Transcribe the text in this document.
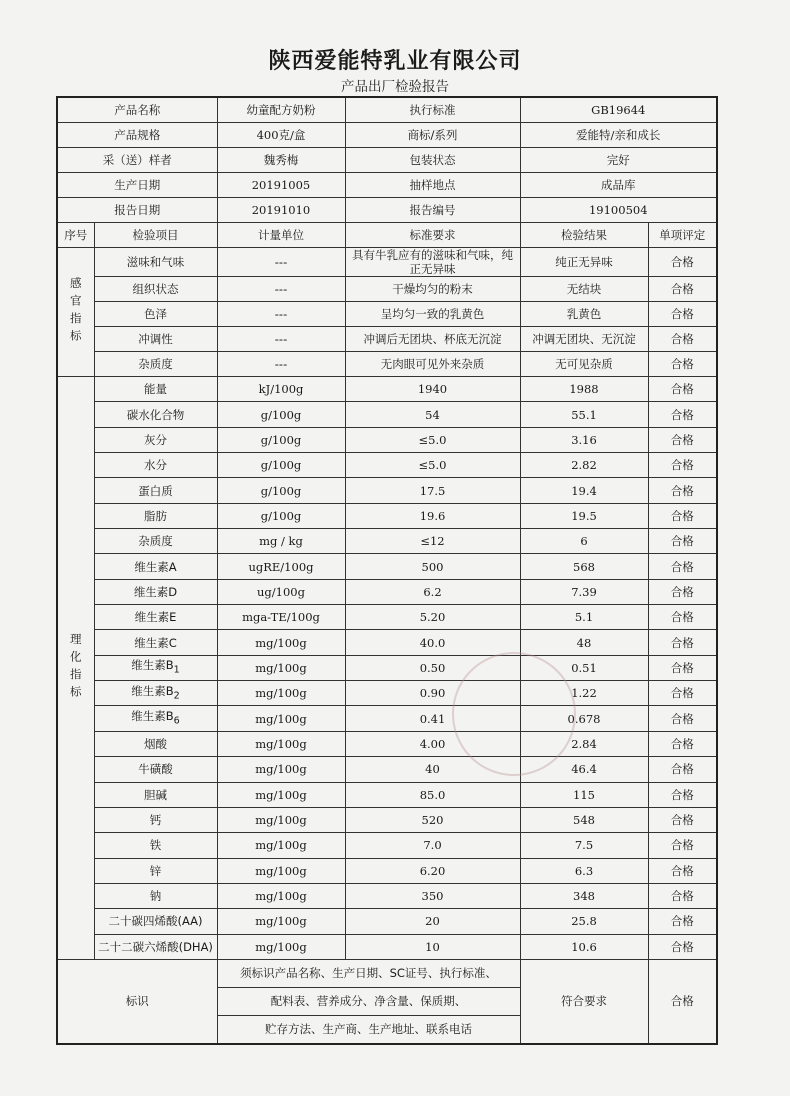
陕西爱能特乳业有限公司
产品出厂检验报告
产品名称		幼童配方奶粉	执行标准	GB19644	
产品规格		400克/盒	商标/系列	爱能特/亲和成长	
采（送）样者		魏秀梅	包装状态	完好	
生产日期		20191005	抽样地点	成品库	
报告日期		20191010	报告编号	19100504	
序号	检验项目	计量单位	标准要求	检验结果	单项评定
感官指标	滋味和气味	---	具有牛乳应有的滋味和气味，纯正无异味	纯正无异味	合格
	组织状态	---	干燥均匀的粉末	无结块	合格
	色泽	---	呈均匀一致的乳黄色	乳黄色	合格
	冲调性	---	冲调后无团块、杯底无沉淀	冲调无团块、无沉淀	合格
	杂质度	---	无肉眼可见外来杂质	无可见杂质	合格
理化指标	能量	kJ/100g	1940	1988	合格
	碳水化合物	g/100g	54	55.1	合格
	灰分	g/100g	≤5.0	3.16	合格
	水分	g/100g	≤5.0	2.82	合格
	蛋白质	g/100g	17.5	19.4	合格
	脂肪	g/100g	19.6	19.5	合格
	杂质度	mg / kg	≤12	6	合格
	维生素A	ugRE/100g	500	568	合格
	维生素D	ug/100g	6.2	7.39	合格
	维生素E	mga-TE/100g	5.20	5.1	合格
	维生素C	mg/100g	40.0	48	合格
	维生素$B_1$	mg/100g	0.50	0.51	合格
	维生素$B_2$	mg/100g	0.90	1.22	合格
	维生素$B_6$	mg/100g	0.41	0.678	合格
	烟酸	mg/100g	4.00	2.84	合格
	牛磺酸	mg/100g	40	46.4	合格
	胆碱	mg/100g	85.0	115	合格
	钙	mg/100g	520	548	合格
	铁	mg/100g	7.0	7.5	合格
	锌	mg/100g	6.20	6.3	合格
	钠	mg/100g	350	348	合格
	二十碳四烯酸(AA)	mg/100g	20	25.8	合格
	二十二碳六烯酸(DHA)	mg/100g	10	10.6	合格
标识		须标识产品名称、生产日期、SC证号、执行标准、		符合要求	合格
		配料表、营养成分、净含量、保质期、			
		贮存方法、生产商、生产地址、联系电话			
